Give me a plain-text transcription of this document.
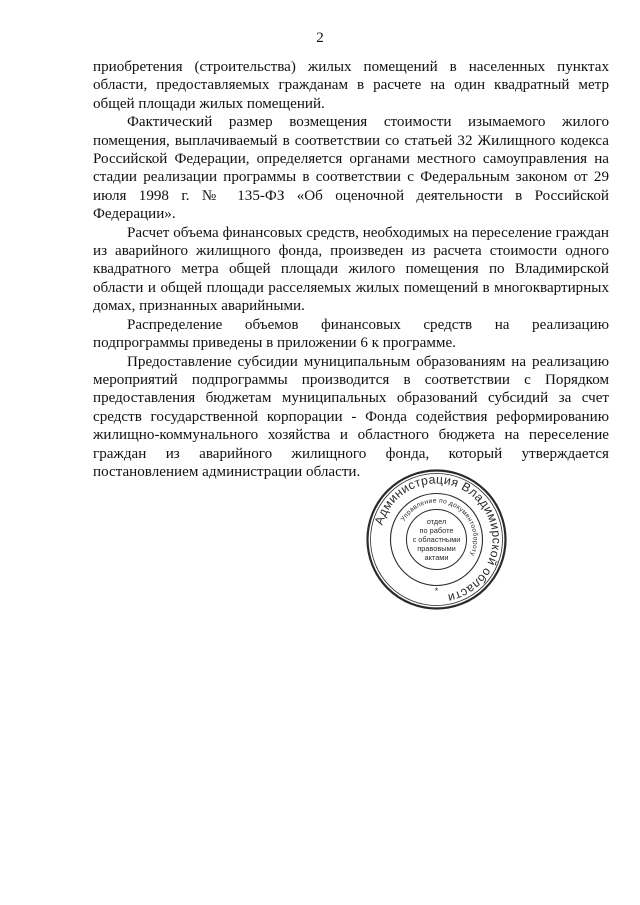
2

приобретения (строительства) жилых помещений в населенных пунктах области, предоставляемых гражданам в расчете на один квадратный метр общей площади жилых помещений.

Фактический размер возмещения стоимости изымаемого жилого помещения, выплачиваемый в соответствии со статьей 32 Жилищного кодекса Российской Федерации, определяется органами местного самоуправления на стадии реализации программы в соответствии с Федеральным законом от 29 июля 1998 г. № 135-ФЗ «Об оценочной деятельности в Российской Федерации».

Расчет объема финансовых средств, необходимых на переселение граждан из аварийного жилищного фонда, произведен из расчета стоимости одного квадратного метра общей площади жилого помещения по Владимирской области и общей площади расселяемых жилых помещений в многоквартирных домах, признанных аварийными.

Распределение объемов финансовых средств на реализацию подпрограммы приведены в приложении 6 к программе.

Предоставление субсидии муниципальным образованиям на реализацию мероприятий подпрограммы производится в соответствии с Порядком предоставления бюджетам муниципальных образований субсидий за счет средств государственной корпорации - Фонда содействия реформированию жилищно-коммунального хозяйства и областного бюджета на переселение граждан из аварийного жилищного фонда, который утверждается постановлением администрации области.

Администрация Владимирской области
Управление по документообороту
отдел
по работе
с областными
правовыми
актами
*
